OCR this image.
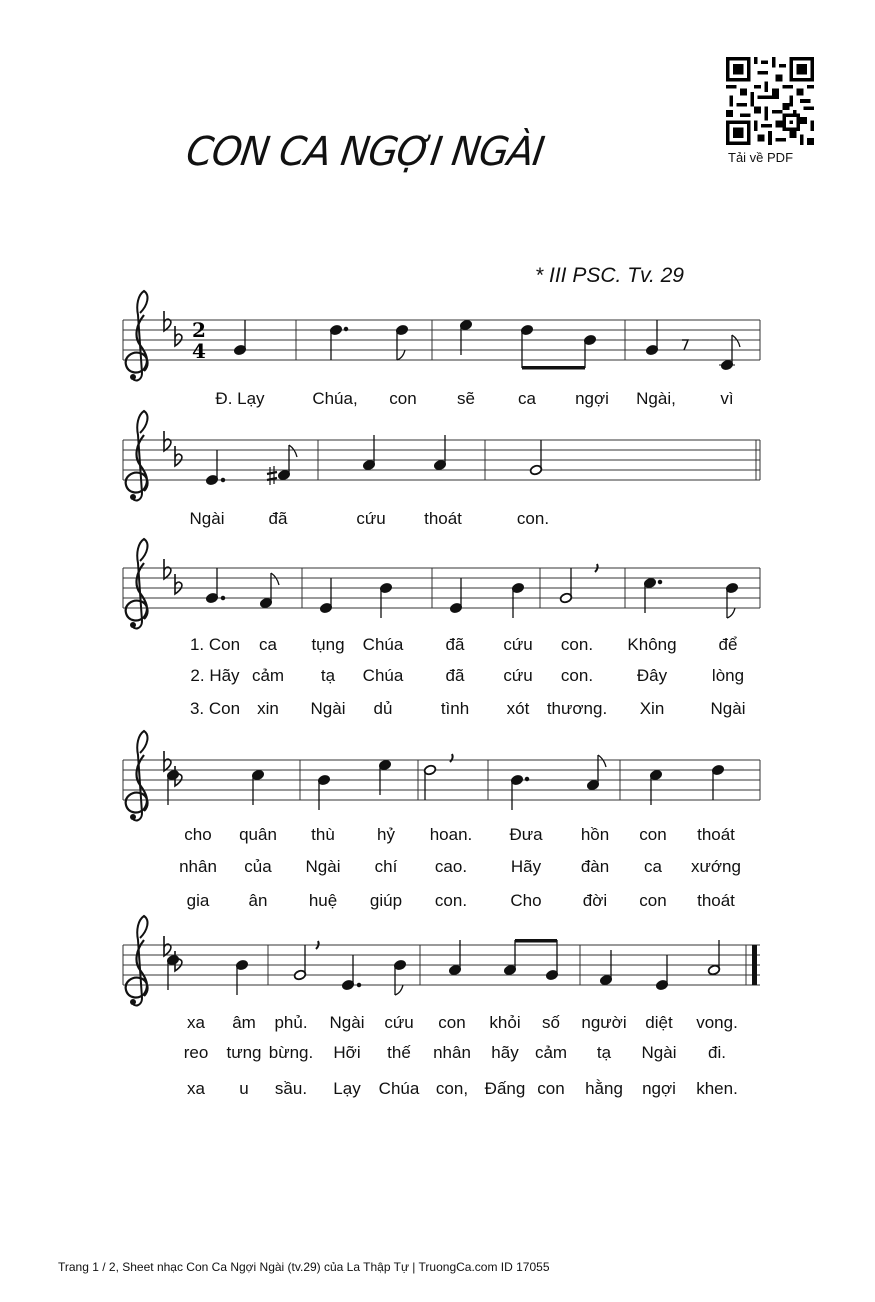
CON CA NGỢI NGÀI	Tải về PDF
* III PSC. Tv. 29
2
4
Đ. Lạy	Chúa, con sẽ	ca ngợi Ngài,	vì
Ngài	đã	cứu thoát	con.
1. Con ca tụng Chúa đã cứu con. Không để
2. Hãy cảm tạ Chúa đã cứu con.	Đây	lòng
3. Con xin Ngài dủ	tình xót thương. Xin	Ngài
cho quân thù hỷ hoan. Đưa hồn con thoát
nhân của Ngài chí cao.	Hãy đàn ca xướng
gia ân huệ giúp con.	Cho đời con thoát
xa âm phủ. Ngài cứu con khỏi số người diệt vong.
reo tưng bừng. Hỡi thế nhân hãy cảm tạ Ngài đi.
xa u sầu. Lạy Chúa con, Đấng con hằng ngợi khen.
Trang 1 / 2, Sheet nhạc Con Ca Ngợi Ngài (tv.29) của La Thập Tự | TruongCa.com ID 17055
